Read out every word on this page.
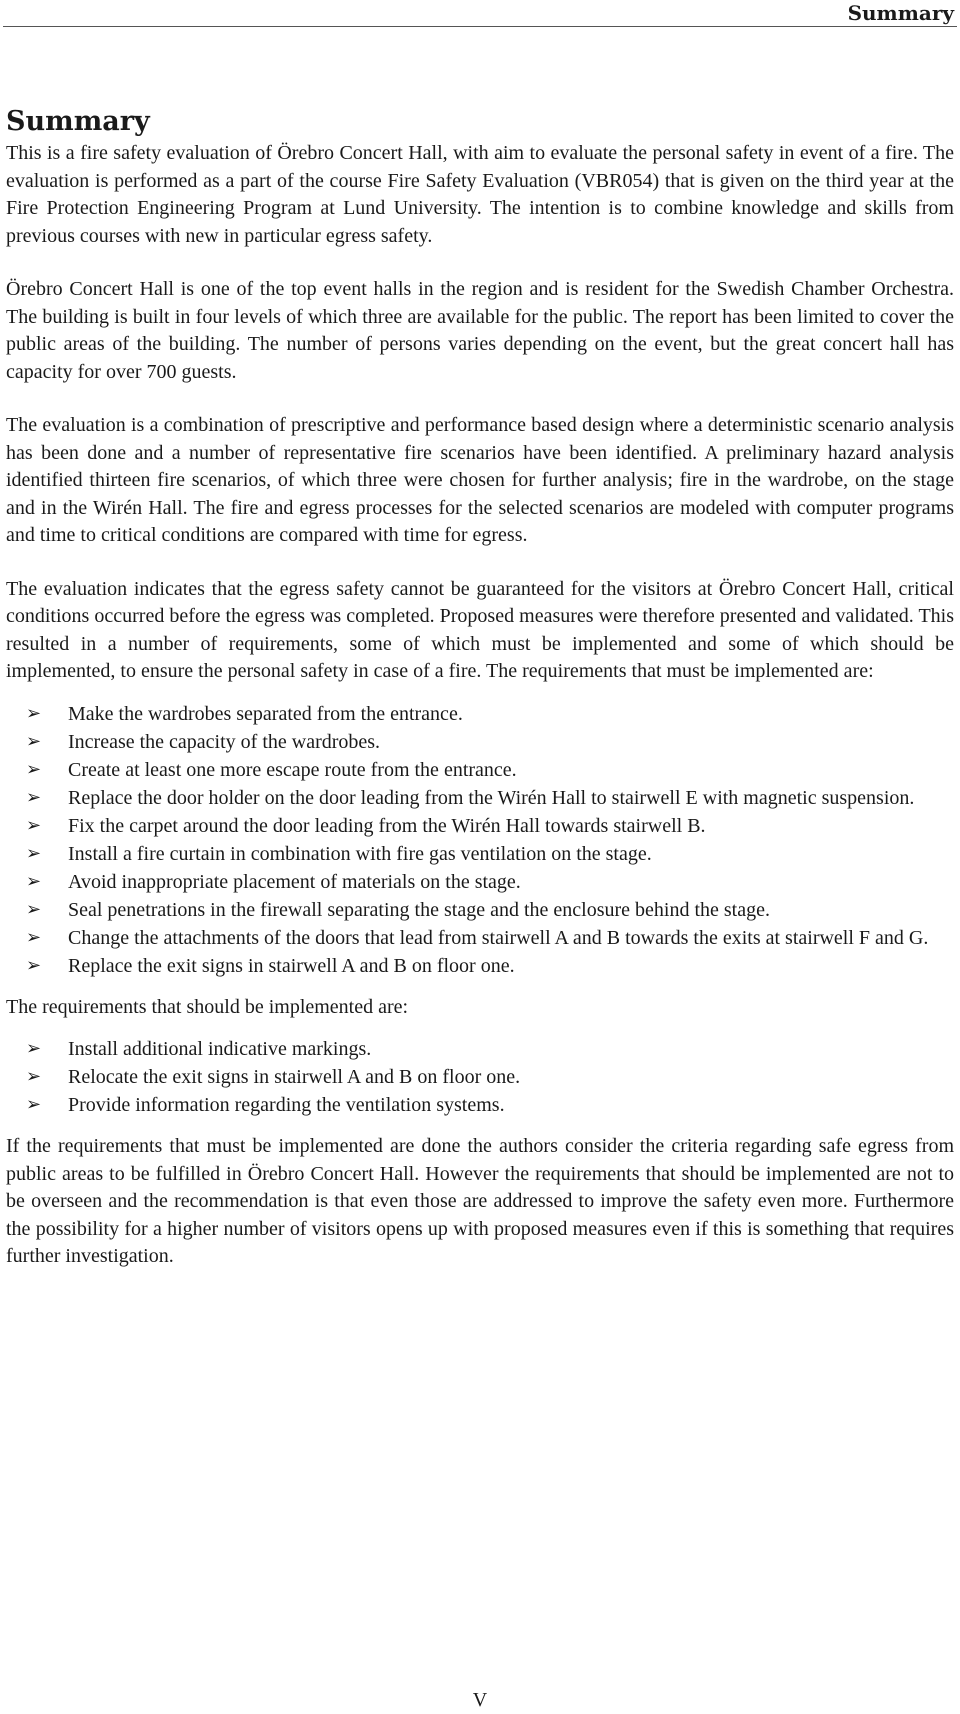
Summary
Summary

This is a fire safety evaluation of Örebro Concert Hall, with aim to evaluate the personal safety in event of a fire. The evaluation is performed as a part of the course Fire Safety Evaluation (VBR054) that is given on the third year at the Fire Protection Engineering Program at Lund University. The intention is to combine knowledge and skills from previous courses with new in particular egress safety.

Örebro Concert Hall is one of the top event halls in the region and is resident for the Swedish Chamber Orchestra. The building is built in four levels of which three are available for the public. The report has been limited to cover the public areas of the building. The number of persons varies depending on the event, but the great concert hall has capacity for over 700 guests.

The evaluation is a combination of prescriptive and performance based design where a deterministic scenario analysis has been done and a number of representative fire scenarios have been identified. A preliminary hazard analysis identified thirteen fire scenarios, of which three were chosen for further analysis; fire in the wardrobe, on the stage and in the Wirén Hall. The fire and egress processes for the selected scenarios are modeled with computer programs and time to critical conditions are compared with time for egress.

The evaluation indicates that the egress safety cannot be guaranteed for the visitors at Örebro Concert Hall, critical conditions occurred before the egress was completed. Proposed measures were therefore presented and validated. This resulted in a number of requirements, some of which must be implemented and some of which should be implemented, to ensure the personal safety in case of a fire. The requirements that must be implemented are:

➢ Make the wardrobes separated from the entrance.
➢ Increase the capacity of the wardrobes.
➢ Create at least one more escape route from the entrance.
➢ Replace the door holder on the door leading from the Wirén Hall to stairwell E with magnetic suspension.
➢ Fix the carpet around the door leading from the Wirén Hall towards stairwell B.
➢ Install a fire curtain in combination with fire gas ventilation on the stage.
➢ Avoid inappropriate placement of materials on the stage.
➢ Seal penetrations in the firewall separating the stage and the enclosure behind the stage.
➢ Change the attachments of the doors that lead from stairwell A and B towards the exits at stairwell F and G.
➢ Replace the exit signs in stairwell A and B on floor one.

The requirements that should be implemented are:

➢ Install additional indicative markings.
➢ Relocate the exit signs in stairwell A and B on floor one.
➢ Provide information regarding the ventilation systems.

If the requirements that must be implemented are done the authors consider the criteria regarding safe egress from public areas to be fulfilled in Örebro Concert Hall. However the requirements that should be implemented are not to be overseen and the recommendation is that even those are addressed to improve the safety even more. Furthermore the possibility for a higher number of visitors opens up with proposed measures even if this is something that requires further investigation.

V
